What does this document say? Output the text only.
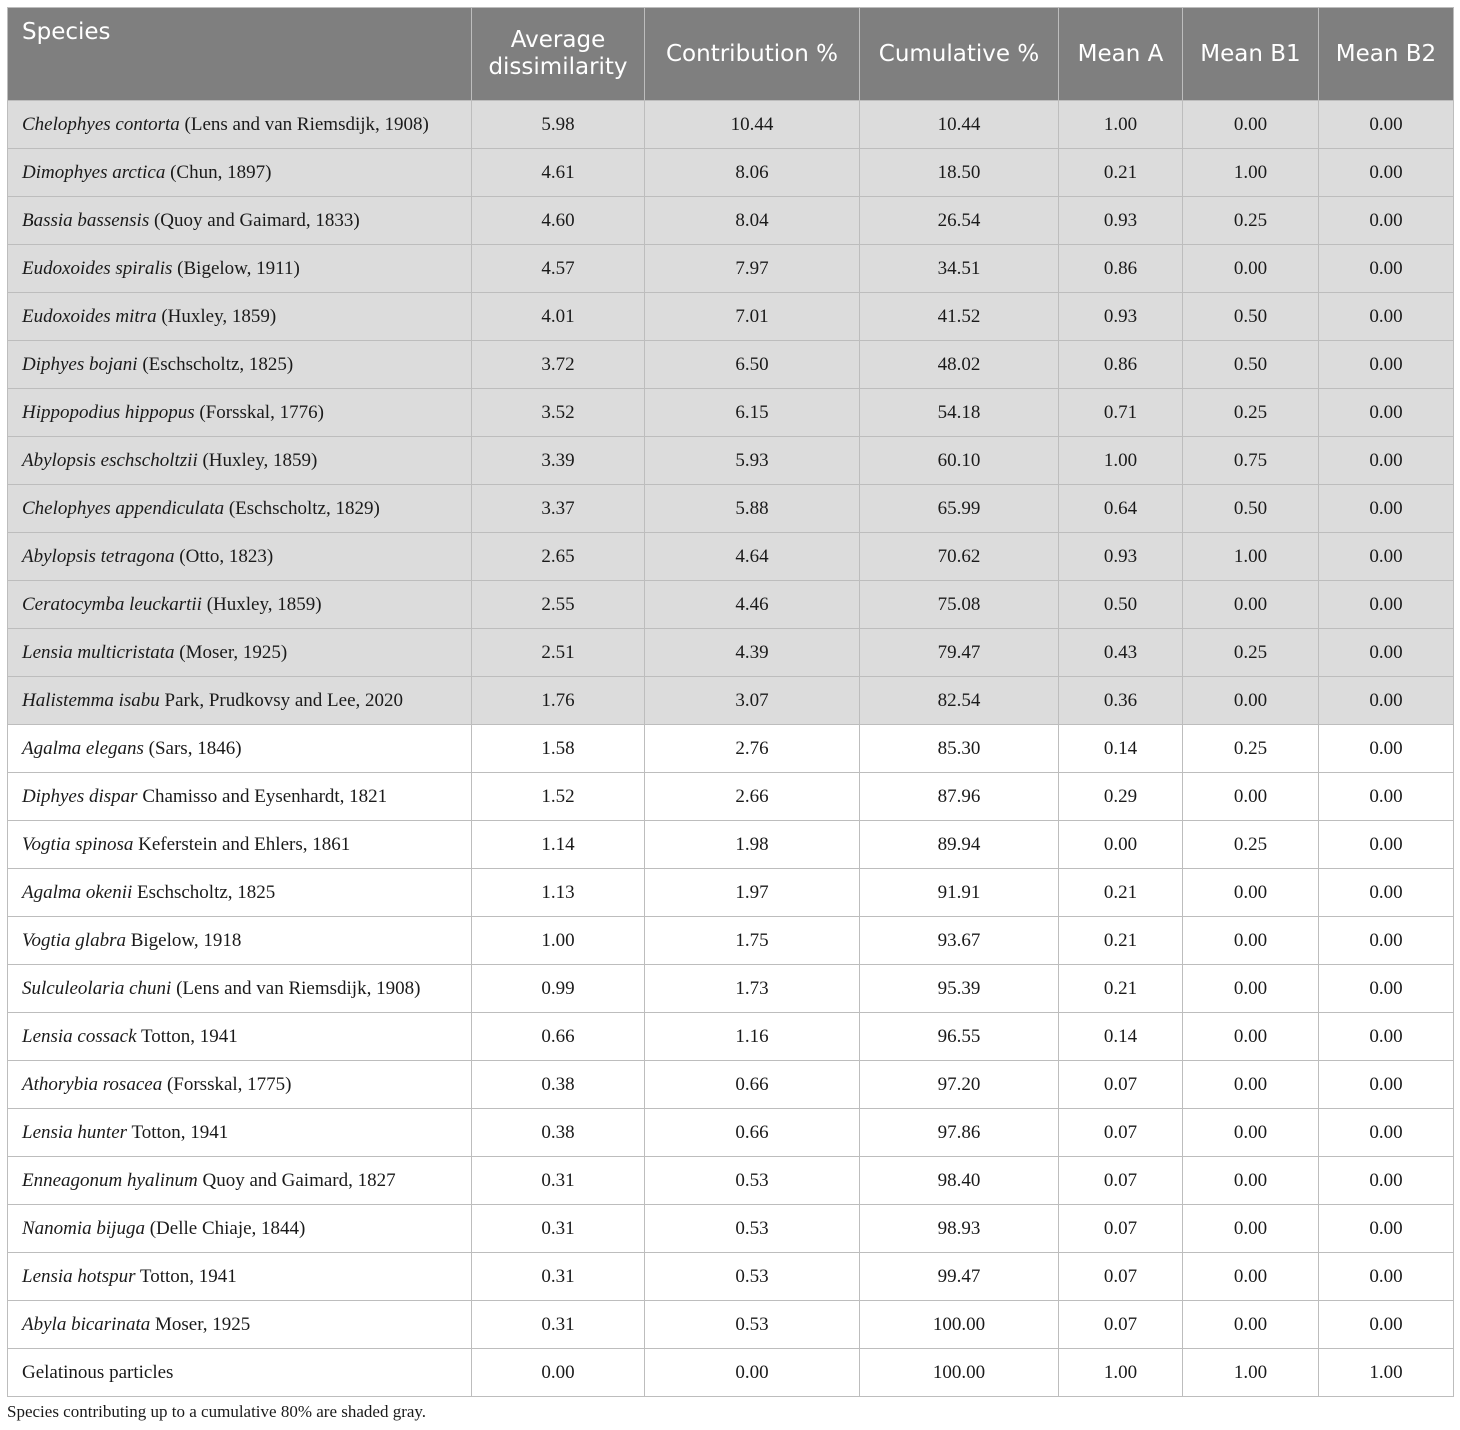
Species	Average dissimilarity	Contribution %	Cumulative %	Mean A	Mean B1	Mean B2
Chelophyes contorta (Lens and van Riemsdijk, 1908)	5.98	10.44	10.44	1.00	0.00	0.00
Dimophyes arctica (Chun, 1897)	4.61	8.06	18.50	0.21	1.00	0.00
Bassia bassensis (Quoy and Gaimard, 1833)	4.60	8.04	26.54	0.93	0.25	0.00
Eudoxoides spiralis (Bigelow, 1911)	4.57	7.97	34.51	0.86	0.00	0.00
Eudoxoides mitra (Huxley, 1859)	4.01	7.01	41.52	0.93	0.50	0.00
Diphyes bojani (Eschscholtz, 1825)	3.72	6.50	48.02	0.86	0.50	0.00
Hippopodius hippopus (Forsskal, 1776)	3.52	6.15	54.18	0.71	0.25	0.00
Abylopsis eschscholtzii (Huxley, 1859)	3.39	5.93	60.10	1.00	0.75	0.00
Chelophyes appendiculata (Eschscholtz, 1829)	3.37	5.88	65.99	0.64	0.50	0.00
Abylopsis tetragona (Otto, 1823)	2.65	4.64	70.62	0.93	1.00	0.00
Ceratocymba leuckartii (Huxley, 1859)	2.55	4.46	75.08	0.50	0.00	0.00
Lensia multicristata (Moser, 1925)	2.51	4.39	79.47	0.43	0.25	0.00
Halistemma isabu Park, Prudkovsy and Lee, 2020	1.76	3.07	82.54	0.36	0.00	0.00
Agalma elegans (Sars, 1846)	1.58	2.76	85.30	0.14	0.25	0.00
Diphyes dispar Chamisso and Eysenhardt, 1821	1.52	2.66	87.96	0.29	0.00	0.00
Vogtia spinosa Keferstein and Ehlers, 1861	1.14	1.98	89.94	0.00	0.25	0.00
Agalma okenii Eschscholtz, 1825	1.13	1.97	91.91	0.21	0.00	0.00
Vogtia glabra Bigelow, 1918	1.00	1.75	93.67	0.21	0.00	0.00
Sulculeolaria chuni (Lens and van Riemsdijk, 1908)	0.99	1.73	95.39	0.21	0.00	0.00
Lensia cossack Totton, 1941	0.66	1.16	96.55	0.14	0.00	0.00
Athorybia rosacea (Forsskal, 1775)	0.38	0.66	97.20	0.07	0.00	0.00
Lensia hunter Totton, 1941	0.38	0.66	97.86	0.07	0.00	0.00
Enneagonum hyalinum Quoy and Gaimard, 1827	0.31	0.53	98.40	0.07	0.00	0.00
Nanomia bijuga (Delle Chiaje, 1844)	0.31	0.53	98.93	0.07	0.00	0.00
Lensia hotspur Totton, 1941	0.31	0.53	99.47	0.07	0.00	0.00
Abyla bicarinata Moser, 1925	0.31	0.53	100.00	0.07	0.00	0.00
Gelatinous particles	0.00	0.00	100.00	1.00	1.00	1.00
Species contributing up to a cumulative 80% are shaded gray.
